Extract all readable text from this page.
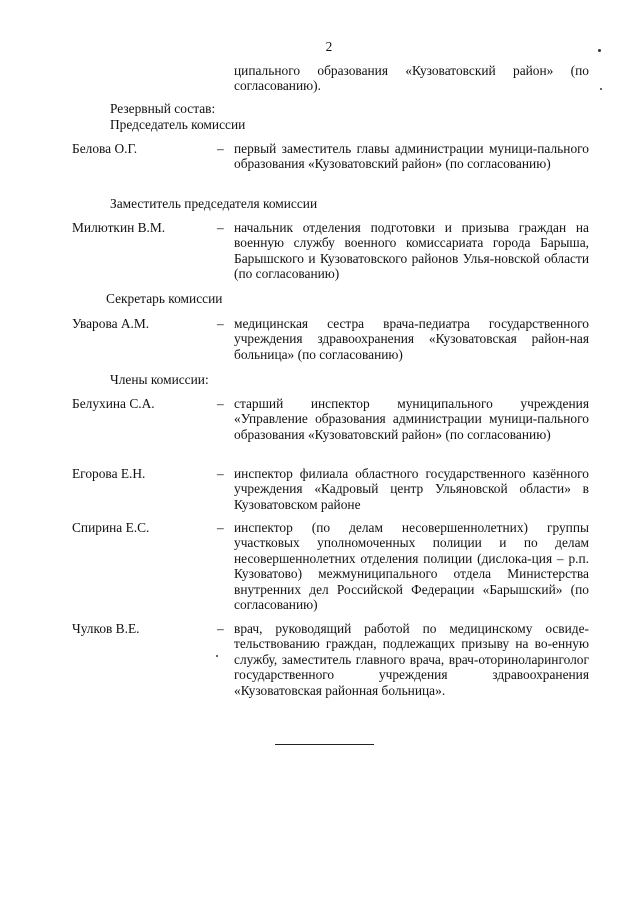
2
ципального образования «Кузоватовский район» (по согласованию).
Резервный состав:
Председатель комиссии
Белова О.Г.	– первый заместитель главы администрации муници-пального образования «Кузоватовский район» (по согласованию)
Заместитель председателя комиссии
Милюткин В.М.	– начальник отделения подготовки и призыва граждан на военную службу военного комиссариата города Барыша, Барышского и Кузоватовского районов Улья-новской области (по согласованию)
Секретарь комиссии
Уварова А.М.	– медицинская сестра врача-педиатра государственного учреждения здравоохранения «Кузоватовская район-ная больница» (по согласованию)
Члены комиссии:
Белухина С.А.	– старший инспектор муниципального учреждения «Управление образования администрации муници-пального образования «Кузоватовский район» (по согласованию)
Егорова Е.Н.	– инспектор филиала областного государственного казённого учреждения «Кадровый центр Ульяновской области» в Кузоватовском районе
Спирина Е.С.	– инспектор (по делам несовершеннолетних) группы участковых уполномоченных полиции и по делам несовершеннолетних отделения полиции (дислока-ция – р.п. Кузоватово) межмуниципального отдела Министерства внутренних дел Российской Федерации «Барышский» (по согласованию)
Чулков В.Е.	– врач, руководящий работой по медицинскому освиде-тельствованию граждан, подлежащих призыву на во-енную службу, заместитель главного врача, врач-оториноларинголог государственного учреждения здравоохранения «Кузоватовская районная больница».
